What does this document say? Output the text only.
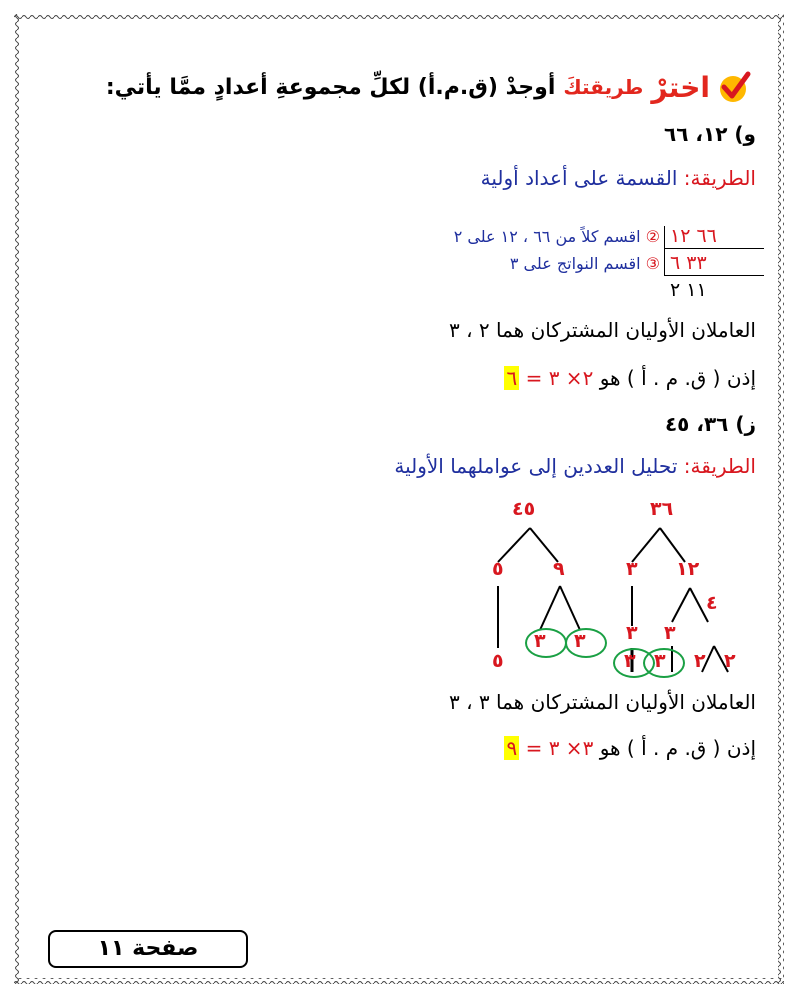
اخترْ
طريقتكَ
أوجدْ (ق.م.أ) لكلِّ مجموعةِ أعدادٍ ممَّا يأتي:
و) ١٢، ٦٦
الطريقة: القسمة على أعداد أولية
٦٦ ١٢
٣٣ ٦
١١ ٢
② اقسم كلاً من ٦٦ ، ١٢ على ٢
③ اقسم النواتج على ٣
العاملان الأوليان المشتركان هما ٢ ، ٣
إذن ( ق. م . أ ) هو ٢× ٣ = ٦
ز) ٣٦، ٤٥
الطريقة: تحليل العددين إلى عواملهما الأولية
٤٥
٥	٩
٥
٣ ٣
٣٦
٣ ١٢
٣ ٣
٤
٣ ٣ ٢ ٢
العاملان الأوليان المشتركان هما ٣ ، ٣
إذن ( ق. م . أ ) هو ٣× ٣ = ٩
صفحة ١١
